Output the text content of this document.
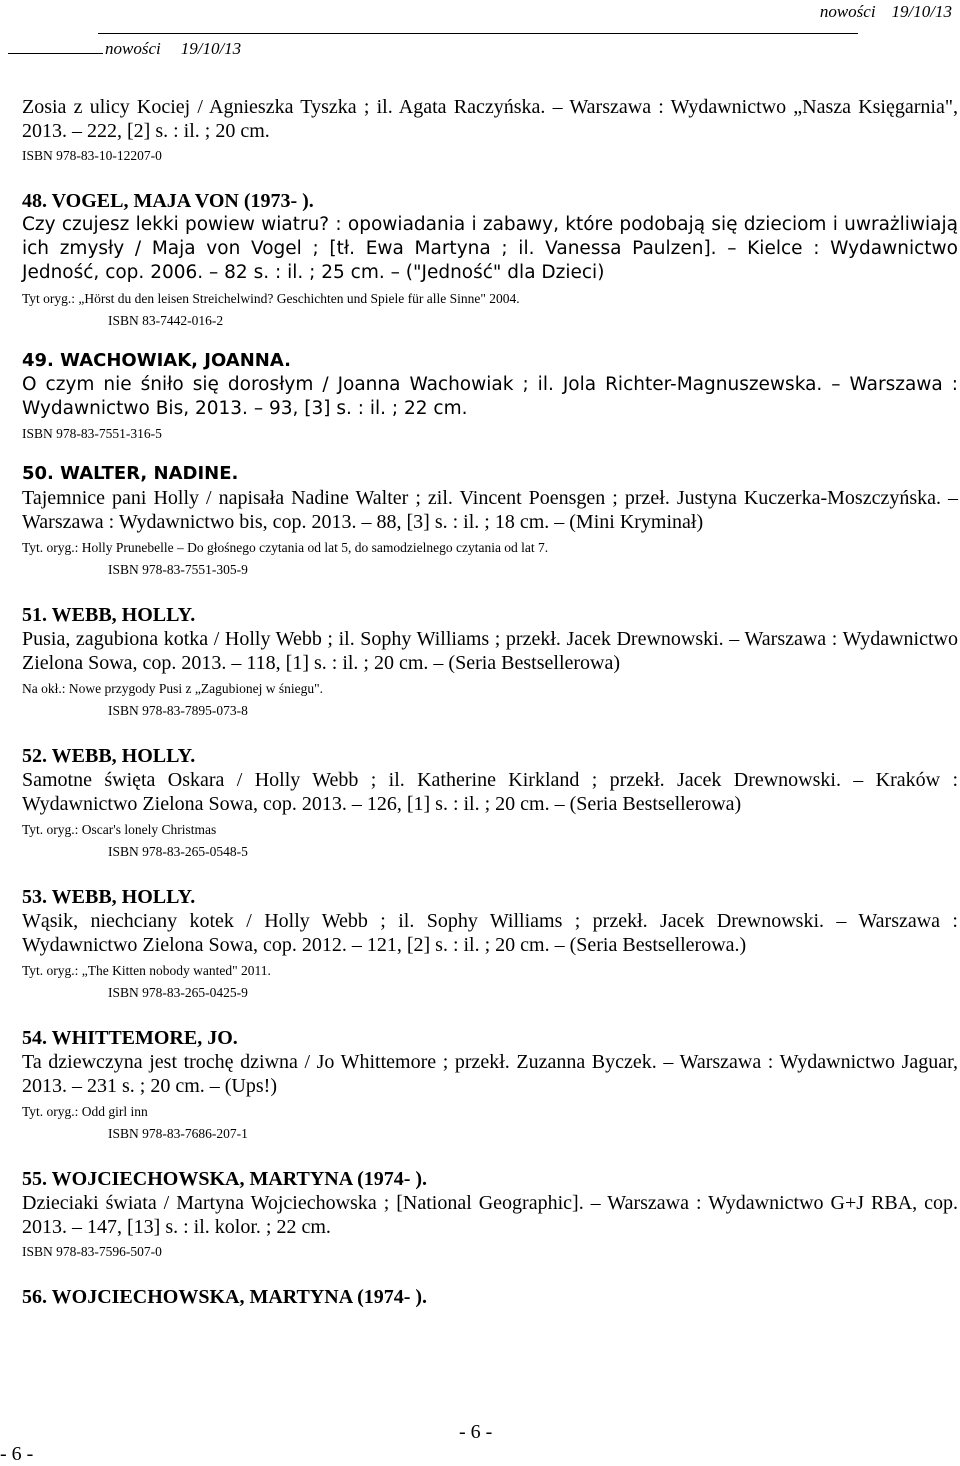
nowości 19/10/13
nowości 19/10/13
Zosia z ulicy Kociej / Agnieszka Tyszka ; il. Agata Raczyńska. – Warszawa : Wydawnictwo „Nasza Księgarnia", 2013. – 222, [2] s. : il. ; 20 cm.
ISBN 978-83-10-12207-0
48. VOGEL, MAJA VON (1973- ).
Czy czujesz lekki powiew wiatru? : opowiadania i zabawy, które podobają się dzieciom i uwrażliwiają ich zmysły / Maja von Vogel ; [tł. Ewa Martyna ; il. Vanessa Paulzen]. – Kielce : Wydawnictwo Jedność, cop. 2006. – 82 s. : il. ; 25 cm. – ("Jedność" dla Dzieci)
Tyt oryg.: „Hörst du den leisen Streichelwind? Geschichten und Spiele für alle Sinne" 2004.
ISBN 83-7442-016-2
49. WACHOWIAK, JOANNA.
O czym nie śniło się dorosłym / Joanna Wachowiak ; il. Jola Richter-Magnuszewska. – Warszawa : Wydawnictwo Bis, 2013. – 93, [3] s. : il. ; 22 cm.
ISBN 978-83-7551-316-5
50. WALTER, NADINE.
Tajemnice pani Holly / napisała Nadine Walter ; zil. Vincent Poensgen ; przeł. Justyna Kuczerka-Moszczyńska. – Warszawa : Wydawnictwo bis, cop. 2013. – 88, [3] s. : il. ; 18 cm. – (Mini Kryminał)
Tyt. oryg.: Holly Prunebelle – Do głośnego czytania od lat 5, do samodzielnego czytania od lat 7.
ISBN 978-83-7551-305-9
51. WEBB, HOLLY.
Pusia, zagubiona kotka / Holly Webb ; il. Sophy Williams ; przekł. Jacek Drewnowski. – Warszawa : Wydawnictwo Zielona Sowa, cop. 2013. – 118, [1] s. : il. ; 20 cm. – (Seria Bestsellerowa)
Na okł.: Nowe przygody Pusi z „Zagubionej w śniegu".
ISBN 978-83-7895-073-8
52. WEBB, HOLLY.
Samotne święta Oskara / Holly Webb ; il. Katherine Kirkland ; przekł. Jacek Drewnowski. – Kraków : Wydawnictwo Zielona Sowa, cop. 2013. – 126, [1] s. : il. ; 20 cm. – (Seria Bestsellerowa)
Tyt. oryg.: Oscar's lonely Christmas
ISBN 978-83-265-0548-5
53. WEBB, HOLLY.
Wąsik, niechciany kotek / Holly Webb ; il. Sophy Williams ; przekł. Jacek Drewnowski. – Warszawa : Wydawnictwo Zielona Sowa, cop. 2012. – 121, [2] s. : il. ; 20 cm. – (Seria Bestsellerowa.)
Tyt. oryg.: „The Kitten nobody wanted" 2011.
ISBN 978-83-265-0425-9
54. WHITTEMORE, JO.
Ta dziewczyna jest trochę dziwna / Jo Whittemore ; przekł. Zuzanna Byczek. – Warszawa : Wydawnictwo Jaguar, 2013. – 231 s. ; 20 cm. – (Ups!)
Tyt. oryg.: Odd girl inn
ISBN 978-83-7686-207-1
55. WOJCIECHOWSKA, MARTYNA (1974- ).
Dzieciaki świata / Martyna Wojciechowska ; [National Geographic]. – Warszawa : Wydawnictwo G+J RBA, cop. 2013. – 147, [13] s. : il. kolor. ; 22 cm.
ISBN 978-83-7596-507-0
56. WOJCIECHOWSKA, MARTYNA (1974- ).
- 6 -
- 6 -
